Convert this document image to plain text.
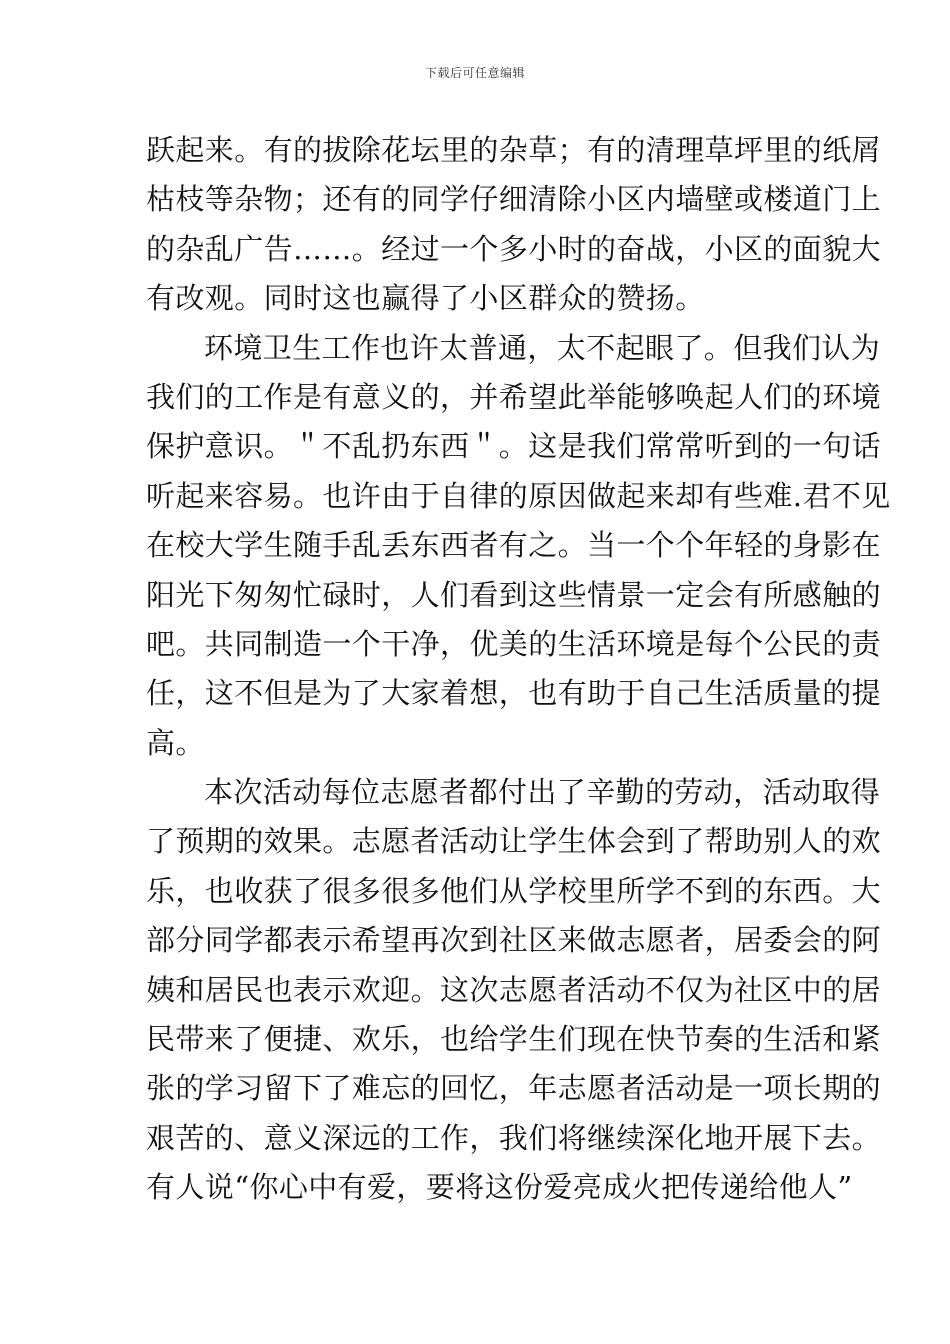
下载后可任意编辑
跃起来。有的拔除花坛里的杂草；有的清理草坪里的纸屑
枯枝等杂物；还有的同学仔细清除小区内墙壁或楼道门上
的杂乱广告……。经过一个多小时的奋战，小区的面貌大
有改观。同时这也赢得了小区群众的赞扬。
环境卫生工作也许太普通，太不起眼了。但我们认为
我们的工作是有意义的，并希望此举能够唤起人们的环境
保护意识。＂不乱扔东西＂。这是我们常常听到的一句话
听起来容易。也许由于自律的原因做起来却有些难.君不见
在校大学生随手乱丢东西者有之。当一个个年轻的身影在
阳光下匆匆忙碌时，人们看到这些情景一定会有所感触的
吧。共同制造一个干净，优美的生活环境是每个公民的责
任，这不但是为了大家着想，也有助于自己生活质量的提
高。
本次活动每位志愿者都付出了辛勤的劳动，活动取得
了预期的效果。志愿者活动让学生体会到了帮助别人的欢
乐，也收获了很多很多他们从学校里所学不到的东西。大
部分同学都表示希望再次到社区来做志愿者，居委会的阿
姨和居民也表示欢迎。这次志愿者活动不仅为社区中的居
民带来了便捷、欢乐，也给学生们现在快节奏的生活和紧
张的学习留下了难忘的回忆，年志愿者活动是一项长期的
艰苦的、意义深远的工作，我们将继续深化地开展下去。
有人说“你心中有爱，要将这份爱亮成火把传递给他人”
